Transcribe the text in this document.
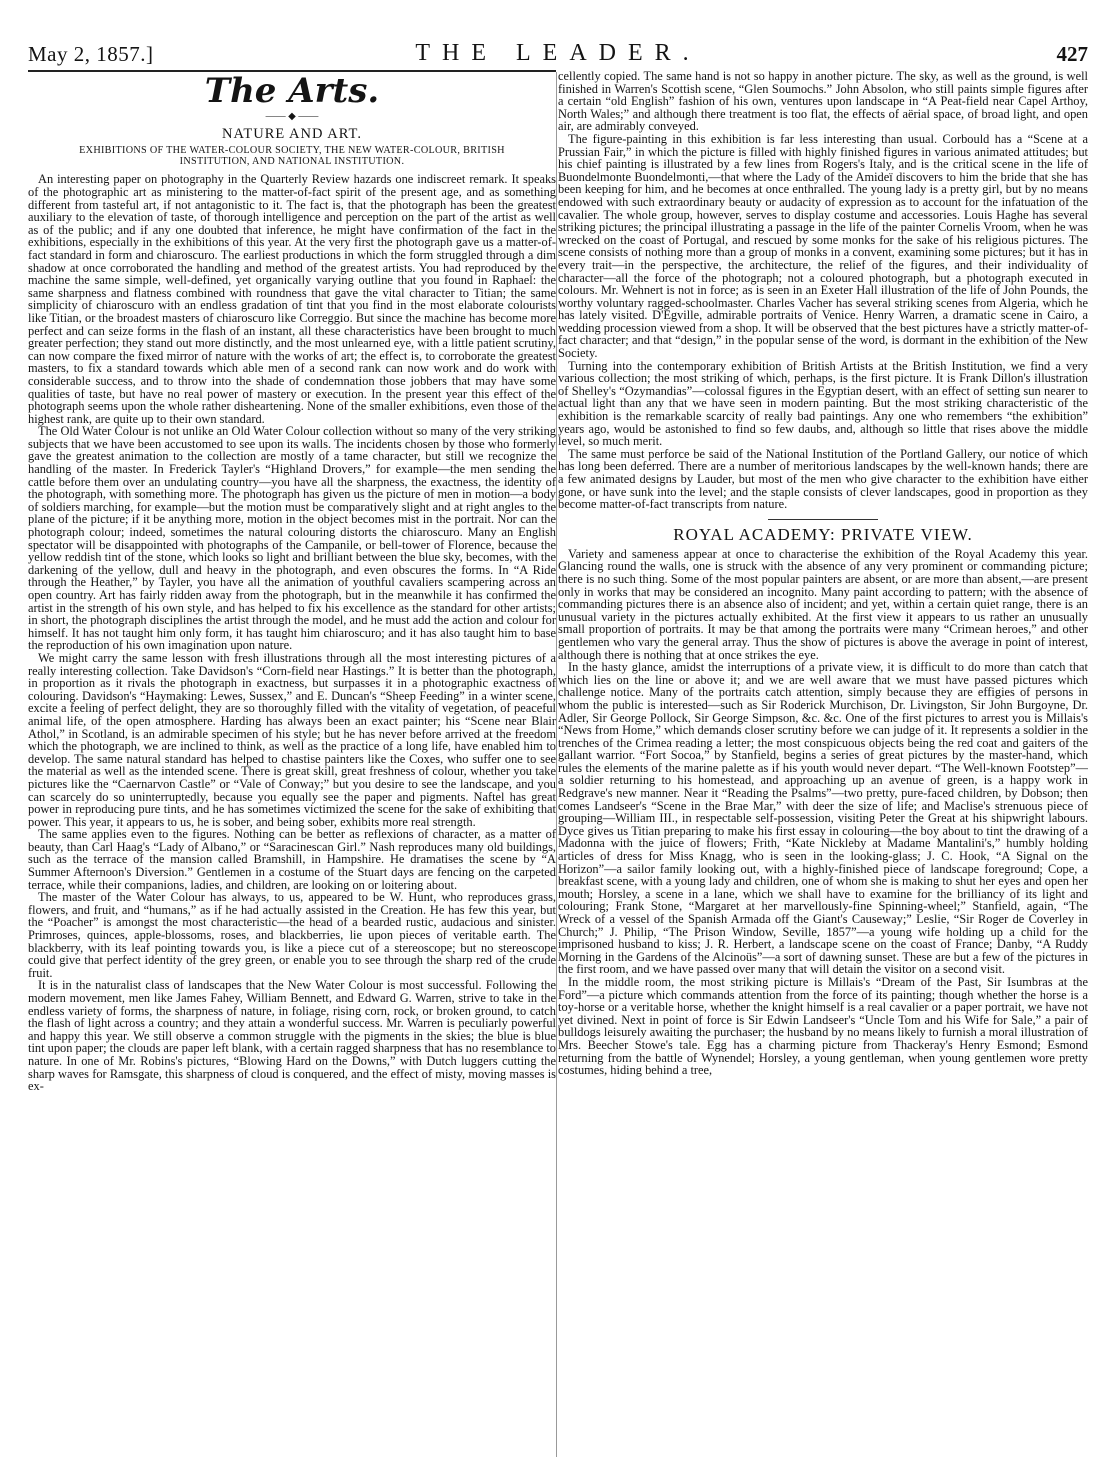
May 2, 1857.]	THE LEADER.	427
The Arts.
—— ◆ ——
NATURE AND ART.
EXHIBITIONS OF THE WATER-COLOUR SOCIETY, THE NEW WATER-COLOUR, BRITISH INSTITUTION, AND NATIONAL INSTITUTION.

An interesting paper on photography in the Quarterly Review hazards one indiscreet remark. It speaks of the photographic art as ministering to the matter-of-fact spirit of the present age, and as something different from tasteful art, if not antagonistic to it. The fact is, that the photograph has been the greatest auxiliary to the elevation of taste, of thorough intelligence and perception on the part of the artist as well as of the public; and if any one doubted that inference, he might have confirmation of the fact in the exhibitions, especially in the exhibitions of this year. At the very first the photograph gave us a matter-of-fact standard in form and chiaroscuro. The earliest productions in which the form struggled through a dim shadow at once corroborated the handling and method of the greatest artists. You had reproduced by the machine the same simple, well-defined, yet organically varying outline that you found in Raphael: the same sharpness and flatness combined with roundness that gave the vital character to Titian; the same simplicity of chiaroscuro with an endless gradation of tint that you find in the most elaborate colourists like Titian, or the broadest masters of chiaroscuro like Correggio. But since the machine has become more perfect and can seize forms in the flash of an instant, all these characteristics have been brought to much greater perfection; they stand out more distinctly, and the most unlearned eye, with a little patient scrutiny, can now compare the fixed mirror of nature with the works of art; the effect is, to corroborate the greatest masters, to fix a standard towards which able men of a second rank can now work and do work with considerable success, and to throw into the shade of condemnation those jobbers that may have some qualities of taste, but have no real power of mastery or execution. In the present year this effect of the photograph seems upon the whole rather disheartening. None of the smaller exhibitions, even those of the highest rank, are quite up to their own standard.

The Old Water Colour is not unlike an Old Water Colour collection without so many of the very striking subjects that we have been accustomed to see upon its walls. The incidents chosen by those who formerly gave the greatest animation to the collection are mostly of a tame character, but still we recognize the handling of the master. In Frederick Tayler's “Highland Drovers,” for example—the men sending the cattle before them over an undulating country—you have all the sharpness, the exactness, the identity of the photograph, with something more. The photograph has given us the picture of men in motion—a body of soldiers marching, for example—but the motion must be comparatively slight and at right angles to the plane of the picture; if it be anything more, motion in the object becomes mist in the portrait. Nor can the photograph colour; indeed, sometimes the natural colouring distorts the chiaroscuro. Many an English spectator will be disappointed with photographs of the Campanile, or bell-tower of Florence, because the yellow reddish tint of the stone, which looks so light and brilliant between the blue sky, becomes, with the darkening of the yellow, dull and heavy in the photograph, and even obscures the forms. In “A Ride through the Heather,” by Tayler, you have all the animation of youthful cavaliers scampering across an open country. Art has fairly ridden away from the photograph, but in the meanwhile it has confirmed the artist in the strength of his own style, and has helped to fix his excellence as the standard for other artists; in short, the photograph disciplines the artist through the model, and he must add the action and colour for himself. It has not taught him only form, it has taught him chiaroscuro; and it has also taught him to base the reproduction of his own imagination upon nature.

We might carry the same lesson with fresh illustrations through all the most interesting pictures of a really interesting collection. Take Davidson's “Corn-field near Hastings.” It is better than the photograph, in proportion as it rivals the photograph in exactness, but surpasses it in a photographic exactness of colouring. Davidson's “Haymaking: Lewes, Sussex,” and E. Duncan's “Sheep Feeding” in a winter scene, excite a feeling of perfect delight, they are so thoroughly filled with the vitality of vegetation, of peaceful animal life, of the open atmosphere. Harding has always been an exact painter; his “Scene near Blair Athol,” in Scotland, is an admirable specimen of his style; but he has never before arrived at the freedom which the photograph, we are inclined to think, as well as the practice of a long life, have enabled him to develop. The same natural standard has helped to chastise painters like the Coxes, who suffer one to see the material as well as the intended scene. There is great skill, great freshness of colour, whether you take pictures like the “Caernarvon Castle” or “Vale of Conway;” but you desire to see the landscape, and you can scarcely do so uninterruptedly, because you equally see the paper and pigments. Naftel has great power in reproducing pure tints, and he has sometimes victimized the scene for the sake of exhibiting that power. This year, it appears to us, he is sober, and being sober, exhibits more real strength.

The same applies even to the figures. Nothing can be better as reflexions of character, as a matter of beauty, than Carl Haag's “Lady of Albano,” or “Saracinescan Girl.” Nash reproduces many old buildings, such as the terrace of the mansion called Bramshill, in Hampshire. He dramatises the scene by “A Summer Afternoon's Diversion.” Gentlemen in a costume of the Stuart days are fencing on the carpeted terrace, while their companions, ladies, and children, are looking on or loitering about.

The master of the Water Colour has always, to us, appeared to be W. Hunt, who reproduces grass, flowers, and fruit, and “humans,” as if he had actually assisted in the Creation. He has few this year, but the “Poacher” is amongst the most characteristic—the head of a bearded rustic, audacious and sinister. Primroses, quinces, apple-blossoms, roses, and blackberries, lie upon pieces of veritable earth. The blackberry, with its leaf pointing towards you, is like a piece cut of a stereoscope; but no stereoscope could give that perfect identity of the grey green, or enable you to see through the sharp red of the crude fruit.

It is in the naturalist class of landscapes that the New Water Colour is most successful. Following the modern movement, men like James Fahey, William Bennett, and Edward G. Warren, strive to take in the endless variety of forms, the sharpness of nature, in foliage, rising corn, rock, or broken ground, to catch the flash of light across a country; and they attain a wonderful success. Mr. Warren is peculiarly powerful and happy this year. We still observe a common struggle with the pigments in the skies; the blue is blue tint upon paper; the clouds are paper left blank, with a certain ragged sharpness that has no resemblance to nature. In one of Mr. Robins's pictures, “Blowing Hard on the Downs,” with Dutch luggers cutting the sharp waves for Ramsgate, this sharpness of cloud is conquered, and the effect of misty, moving masses is ex-

cellently copied. The same hand is not so happy in another picture. The sky, as well as the ground, is well finished in Warren's Scottish scene, “Glen Soumochs.” John Absolon, who still paints simple figures after a certain “old English” fashion of his own, ventures upon landscape in “A Peat-field near Capel Arthoy, North Wales;” and although there treatment is too flat, the effects of aërial space, of broad light, and open air, are admirably conveyed.

The figure-painting in this exhibition is far less interesting than usual. Corbould has a “Scene at a Prussian Fair,” in which the picture is filled with highly finished figures in various animated attitudes; but his chief painting is illustrated by a few lines from Rogers's Italy, and is the critical scene in the life of Buondelmonte Buondelmonti,—that where the Lady of the Amideï discovers to him the bride that she has been keeping for him, and he becomes at once enthralled. The young lady is a pretty girl, but by no means endowed with such extraordinary beauty or audacity of expression as to account for the infatuation of the cavalier. The whole group, however, serves to display costume and accessories. Louis Haghe has several striking pictures; the principal illustrating a passage in the life of the painter Cornelis Vroom, when he was wrecked on the coast of Portugal, and rescued by some monks for the sake of his religious pictures. The scene consists of nothing more than a group of monks in a convent, examining some pictures; but it has in every trait—in the perspective, the architecture, the relief of the figures, and their individuality of character—all the force of the photograph; not a coloured photograph, but a photograph executed in colours. Mr. Wehnert is not in force; as is seen in an Exeter Hall illustration of the life of John Pounds, the worthy voluntary ragged-schoolmaster. Charles Vacher has several striking scenes from Algeria, which he has lately visited. D'Egville, admirable portraits of Venice. Henry Warren, a dramatic scene in Cairo, a wedding procession viewed from a shop. It will be observed that the best pictures have a strictly matter-of-fact character; and that “design,” in the popular sense of the word, is dormant in the exhibition of the New Society.

Turning into the contemporary exhibition of British Artists at the British Institution, we find a very various collection; the most striking of which, perhaps, is the first picture. It is Frank Dillon's illustration of Shelley's “Ozymandias”—colossal figures in the Egyptian desert, with an effect of setting sun nearer to actual light than any that we have seen in modern painting. But the most striking characteristic of the exhibition is the remarkable scarcity of really bad paintings. Any one who remembers “the exhibition” years ago, would be astonished to find so few daubs, and, although so little that rises above the middle level, so much merit.

The same must perforce be said of the National Institution of the Portland Gallery, our notice of which has long been deferred. There are a number of meritorious landscapes by the well-known hands; there are a few animated designs by Lauder, but most of the men who give character to the exhibition have either gone, or have sunk into the level; and the staple consists of clever landscapes, good in proportion as they become matter-of-fact transcripts from nature.

ROYAL ACADEMY: PRIVATE VIEW.

Variety and sameness appear at once to characterise the exhibition of the Royal Academy this year. Glancing round the walls, one is struck with the absence of any very prominent or commanding picture; there is no such thing. Some of the most popular painters are absent, or are more than absent,—are present only in works that may be considered an incognito. Many paint according to pattern; with the absence of commanding pictures there is an absence also of incident; and yet, within a certain quiet range, there is an unusual variety in the pictures actually exhibited. At the first view it appears to us rather an unusually small proportion of portraits. It may be that among the portraits were many “Crimean heroes,” and other gentlemen who vary the general array. Thus the show of pictures is above the average in point of interest, although there is nothing that at once strikes the eye.

In the hasty glance, amidst the interruptions of a private view, it is difficult to do more than catch that which lies on the line or above it; and we are well aware that we must have passed pictures which challenge notice. Many of the portraits catch attention, simply because they are effigies of persons in whom the public is interested—such as Sir Roderick Murchison, Dr. Livingston, Sir John Burgoyne, Dr. Adler, Sir George Pollock, Sir George Simpson, &c. &c. One of the first pictures to arrest you is Millais's “News from Home,” which demands closer scrutiny before we can judge of it. It represents a soldier in the trenches of the Crimea reading a letter; the most conspicuous objects being the red coat and gaiters of the gallant warrior. “Fort Socoa,” by Stanfield, begins a series of great pictures by the master-hand, which rules the elements of the marine palette as if his youth would never depart. “The Well-known Footstep”—a soldier returning to his homestead, and approaching up an avenue of green, is a happy work in Redgrave's new manner. Near it “Reading the Psalms”—two pretty, pure-faced children, by Dobson; then comes Landseer's “Scene in the Brae Mar,” with deer the size of life; and Maclise's strenuous piece of grouping—William III., in respectable self-possession, visiting Peter the Great at his shipwright labours. Dyce gives us Titian preparing to make his first essay in colouring—the boy about to tint the drawing of a Madonna with the juice of flowers; Frith, “Kate Nickleby at Madame Mantalini's,” humbly holding articles of dress for Miss Knagg, who is seen in the looking-glass; J. C. Hook, “A Signal on the Horizon”—a sailor family looking out, with a highly-finished piece of landscape foreground; Cope, a breakfast scene, with a young lady and children, one of whom she is making to shut her eyes and open her mouth; Horsley, a scene in a lane, which we shall have to examine for the brilliancy of its light and colouring; Frank Stone, “Margaret at her marvellously-fine Spinning-wheel;” Stanfield, again, “The Wreck of a vessel of the Spanish Armada off the Giant's Causeway;” Leslie, “Sir Roger de Coverley in Church;” J. Philip, “The Prison Window, Seville, 1857”—a young wife holding up a child for the imprisoned husband to kiss; J. R. Herbert, a landscape scene on the coast of France; Danby, “A Ruddy Morning in the Gardens of the Alcinoüs”—a sort of dawning sunset. These are but a few of the pictures in the first room, and we have passed over many that will detain the visitor on a second visit.

In the middle room, the most striking picture is Millais's “Dream of the Past, Sir Isumbras at the Ford”—a picture which commands attention from the force of its painting; though whether the horse is a toy-horse or a veritable horse, whether the knight himself is a real cavalier or a paper portrait, we have not yet divined. Next in point of force is Sir Edwin Landseer's “Uncle Tom and his Wife for Sale,” a pair of bulldogs leisurely awaiting the purchaser; the husband by no means likely to furnish a moral illustration of Mrs. Beecher Stowe's tale. Egg has a charming picture from Thackeray's Henry Esmond; Esmond returning from the battle of Wynendel; Horsley, a young gentleman, when young gentlemen wore pretty costumes, hiding behind a tree,
